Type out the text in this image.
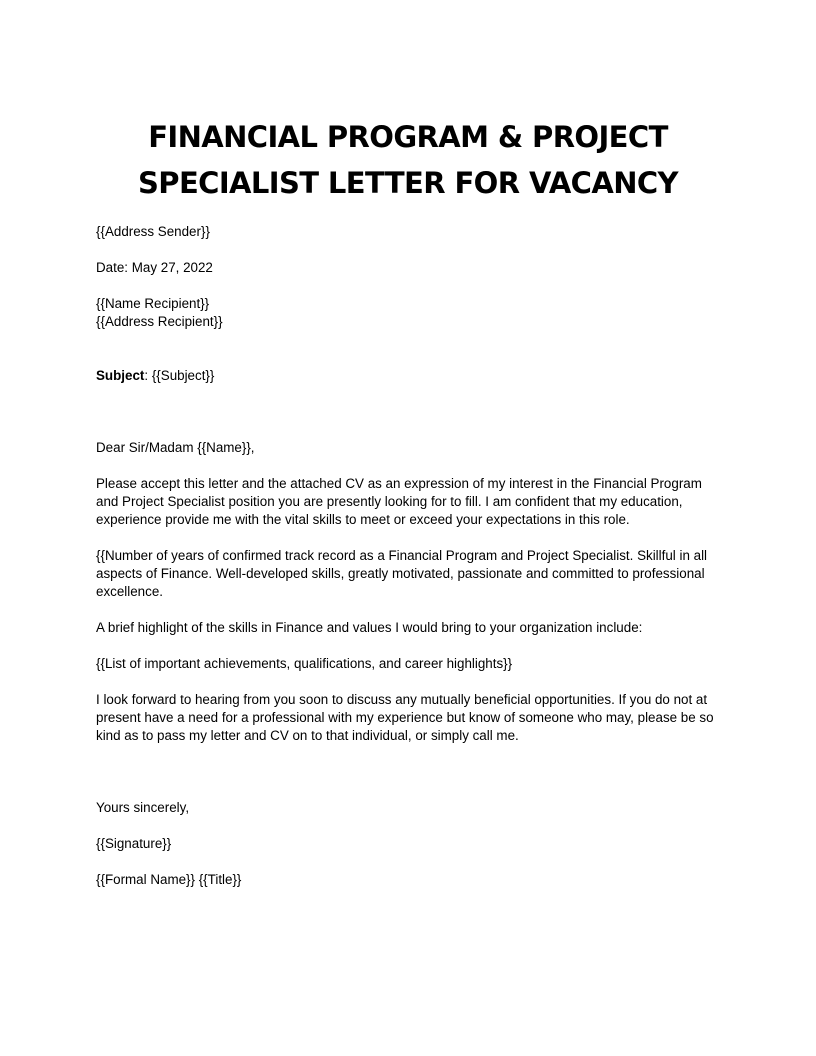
FINANCIAL PROGRAM & PROJECT
SPECIALIST LETTER FOR VACANCY

{{Address Sender}}

Date: May 27, 2022

{{Name Recipient}}

{{Address Recipient}}

Subject: {{Subject}}

Dear Sir/Madam {{Name}},

Please accept this letter and the attached CV as an expression of my interest in the Financial Program
and Project Specialist position you are presently looking for to fill. I am confident that my education,
experience provide me with the vital skills to meet or exceed your expectations in this role.

{{Number of years of confirmed track record as a Financial Program and Project Specialist. Skillful in all
aspects of Finance. Well-developed skills, greatly motivated, passionate and committed to professional
excellence.

A brief highlight of the skills in Finance and values I would bring to your organization include:

{{List of important achievements, qualifications, and career highlights}}

I look forward to hearing from you soon to discuss any mutually beneficial opportunities. If you do not at
present have a need for a professional with my experience but know of someone who may, please be so
kind as to pass my letter and CV on to that individual, or simply call me.

Yours sincerely,

{{Signature}}

{{Formal Name}} {{Title}}
